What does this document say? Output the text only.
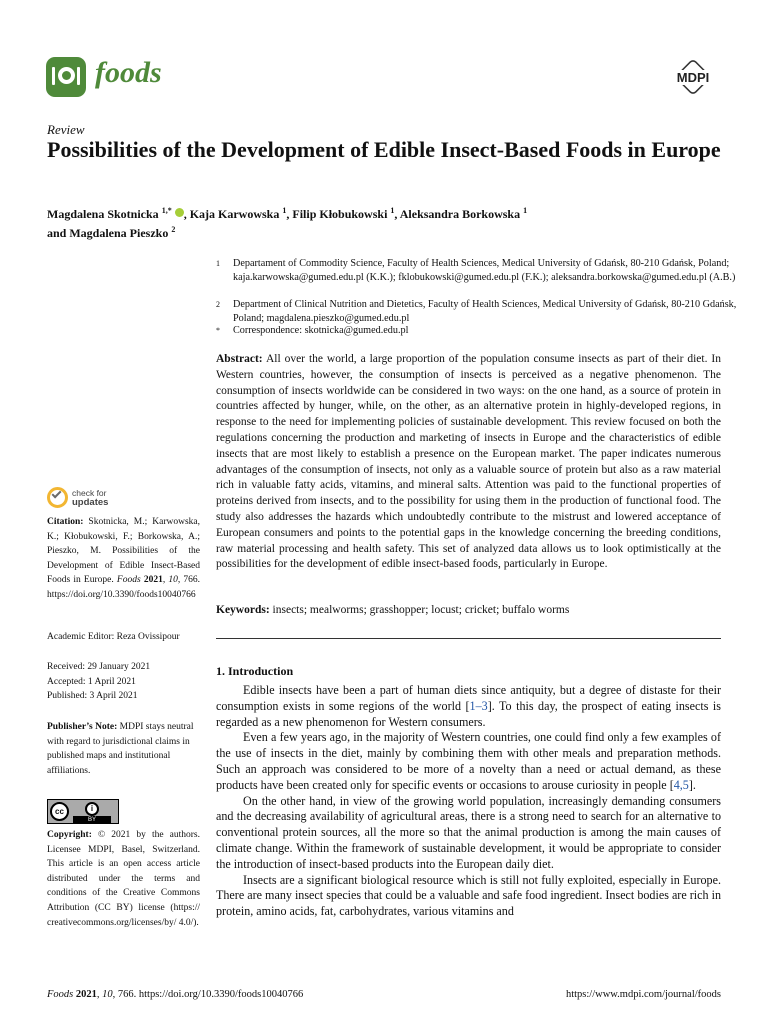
foods	MDPI
Review
Possibilities of the Development of Edible Insect-Based Foods in Europe
Magdalena Skotnicka $^{1,*}$ , Kaja Karwowska $^1$, Filip Kłobukowski $^1$, Aleksandra Borkowska $^1$
and Magdalena Pieszko $^2$
1 Departament of Commodity Science, Faculty of Health Sciences, Medical University of Gdańsk, 80-210 Gdańsk, Poland; kaja.karwowska@gumed.edu.pl (K.K.); fklobukowski@gumed.edu.pl (F.K.); aleksandra.borkowska@gumed.edu.pl (A.B.)
2 Department of Clinical Nutrition and Dietetics, Faculty of Health Sciences, Medical University of Gdańsk, 80-210 Gdańsk, Poland; magdalena.pieszko@gumed.edu.pl
* Correspondence: skotnicka@gumed.edu.pl
Abstract: All over the world, a large proportion of the population consume insects as part of their diet. In Western countries, however, the consumption of insects is perceived as a negative phenomenon. The consumption of insects worldwide can be considered in two ways: on the one hand, as a source of protein in countries affected by hunger, while, on the other, as an alternative protein in highly-developed regions, in response to the need for implementing policies of sustainable development. This review focused on both the regulations concerning the production and marketing of insects in Europe and the characteristics of edible insects that are most likely to establish a presence on the European market. The paper indicates numerous advantages of the consumption of insects, not only as a valuable source of protein but also as a raw material rich in valuable fatty acids, vitamins, and mineral salts. Attention was paid to the functional properties of proteins derived from insects, and to the possibility for using them in the production of functional food. The study also addresses the hazards which undoubtedly contribute to the mistrust and lowered acceptance of European consumers and points to the potential gaps in the knowledge concerning the breeding conditions, raw material processing and health safety. This set of analyzed data allows us to look optimistically at the possibilities for the development of edible insect-based foods, particularly in Europe.
Keywords: insects; mealworms; grasshopper; locust; cricket; buffalo worms
check for
updates
Citation: Skotnicka, M.; Karwowska, K.; Kłobukowski, F.; Borkowska, A.; Pieszko, M. Possibilities of the Development of Edible Insect-Based Foods in Europe. Foods 2021, 10, 766. https://doi.org/10.3390/foods10040766
Academic Editor: Reza Ovissipour
Received: 29 January 2021
Accepted: 1 April 2021
Published: 3 April 2021
Publisher’s Note: MDPI stays neutral with regard to jurisdictional claims in published maps and institutional affiliations.
cc	i
BY
Copyright: © 2021 by the authors. Licensee MDPI, Basel, Switzerland. This article is an open access article distributed under the terms and conditions of the Creative Commons Attribution (CC BY) license (https:// creativecommons.org/licenses/by/ 4.0/).
1. Introduction

Edible insects have been a part of human diets since antiquity, but a degree of distaste for their consumption exists in some regions of the world [1–3]. To this day, the prospect of eating insects is regarded as a new phenomenon for Western consumers.

Even a few years ago, in the majority of Western countries, one could find only a few examples of the use of insects in the diet, mainly by combining them with other meals and preparation methods. Such an approach was considered to be more of a novelty than a need or actual demand, as these products have been created only for specific events or occasions to arouse curiosity in people [4,5].

On the other hand, in view of the growing world population, increasingly demanding consumers and the decreasing availability of agricultural areas, there is a strong need to search for an alternative to conventional protein sources, all the more so that the animal production is among the main causes of climate change. Within the framework of sustainable development, it would be appropriate to consider the introduction of insect-based products into the European daily diet.

Insects are a significant biological resource which is still not fully exploited, especially in Europe. There are many insect species that could be a valuable and safe food ingredient. Insect bodies are rich in protein, amino acids, fat, carbohydrates, various vitamins and

Foods 2021, 10, 766. https://doi.org/10.3390/foods10040766	https://www.mdpi.com/journal/foods
